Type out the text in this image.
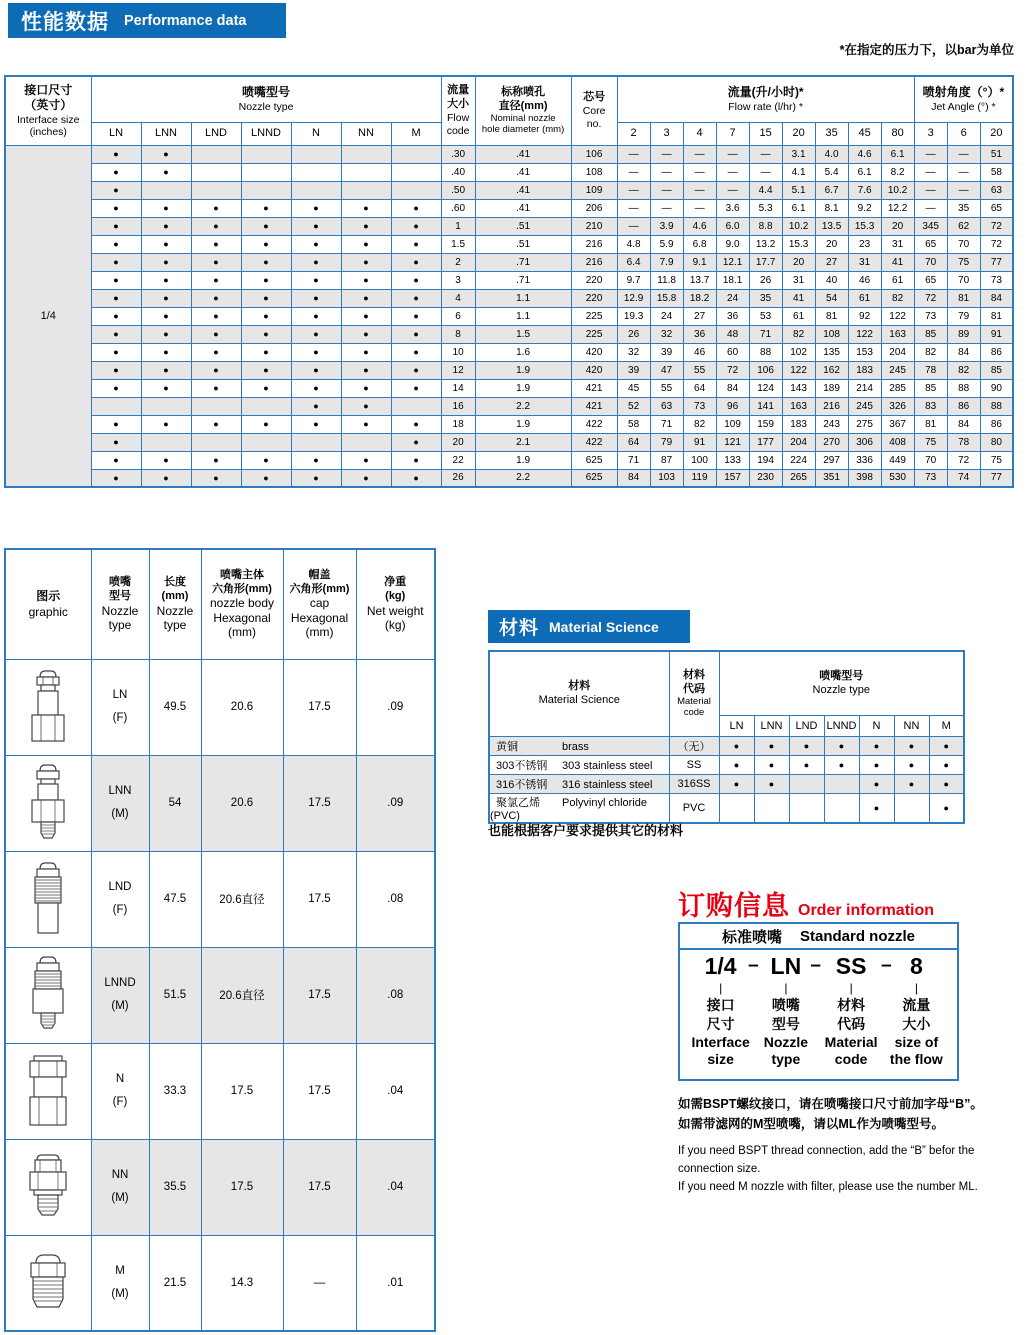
性能数据 Performance data
*在指定的压力下，以bar为单位
接口尺寸
（英寸）
Interface size
(inches)

喷嘴型号
Nozzle type

流量
大小
Flow
code

标称喷孔
直径(mm)
Nominal nozzle
hole diameter (mm)

芯号
Core
no.

流量(升/小时)*
Flow rate (l/hr) *

喷射角度（°）*
Jet Angle (°) *

	LN	LNN	LND	LNND	N	NN	M				2	3	4	7	15	20	35	45	80	3	6	20
1/4	●	●						.30	.41	106	—	—	—	—	—	3.1	4.0	4.6	6.1	—	—	51
	●	●						.40	.41	108	—	—	—	—	—	4.1	5.4	6.1	8.2	—	—	58
	●							.50	.41	109	—	—	—	—	4.4	5.1	6.7	7.6	10.2	—	—	63
	●	●	●	●	●	●	●	.60	.41	206	—	—	—	3.6	5.3	6.1	8.1	9.2	12.2	—	35	65
	●	●	●	●	●	●	●	1	.51	210	—	3.9	4.6	6.0	8.8	10.2	13.5	15.3	20	345	62	72
	●	●	●	●	●	●	●	1.5	.51	216	4.8	5.9	6.8	9.0	13.2	15.3	20	23	31	65	70	72
	●	●	●	●	●	●	●	2	.71	216	6.4	7.9	9.1	12.1	17.7	20	27	31	41	70	75	77
	●	●	●	●	●	●	●	3	.71	220	9.7	11.8	13.7	18.1	26	31	40	46	61	65	70	73
	●	●	●	●	●	●	●	4	1.1	220	12.9	15.8	18.2	24	35	41	54	61	82	72	81	84
	●	●	●	●	●	●	●	6	1.1	225	19.3	24	27	36	53	61	81	92	122	73	79	81
	●	●	●	●	●	●	●	8	1.5	225	26	32	36	48	71	82	108	122	163	85	89	91
	●	●	●	●	●	●	●	10	1.6	420	32	39	46	60	88	102	135	153	204	82	84	86
	●	●	●	●	●	●	●	12	1.9	420	39	47	55	72	106	122	162	183	245	78	82	85
	●	●	●	●	●	●	●	14	1.9	421	45	55	64	84	124	143	189	214	285	85	88	90
					●	●		16	2.2	421	52	63	73	96	141	163	216	245	326	83	86	88
	●	●	●	●	●	●	●	18	1.9	422	58	71	82	109	159	183	243	275	367	81	84	86
	●						●	20	2.1	422	64	79	91	121	177	204	270	306	408	75	78	80
	●	●	●	●	●	●	●	22	1.9	625	71	87	100	133	194	224	297	336	449	70	72	75
	●	●	●	●	●	●	●	26	2.2	625	84	103	119	157	230	265	351	398	530	73	74	77
图示
graphic

喷嘴
型号
Nozzle
type

长度
(mm)
Nozzle
type

喷嘴主体
六角形(mm)
nozzle body
Hexagonal
(mm)

帽盖
六角形(mm)
cap
Hexagonal
(mm)

净重
(kg)
Net weight
(kg)

LN
(F)	49.5	20.6	17.5	.09

LNN
(M)	54	20.6	17.5	.09

LND
(F)	47.5	20.6直径	17.5	.08

LNND
(M)	51.5	20.6直径	17.5	.08

N
(F)	33.3	17.5	17.5	.04

NN
(M)	35.5	17.5	17.5	.04

M
(M)	21.5	14.3	—	.01
材料 Material Science
材料
Material Science

材料
代码
Material
code

喷嘴型号
Nozzle type

		LN	LNN	LND	LNND	N	NN	M
黄铜 brass	（无）	●	●	●	●	●	●	●
303不锈钢 303 stainless steel	SS	●	●	●	●	●	●	●
316不锈钢 316 stainless steel	316SS	●	●			●	●	●
聚氯乙烯 Polyvinyl chloride (PVC)	PVC					●		●
也能根据客户要求提供其它的材料
订购信息 Order information
标准喷嘴 Standard nozzle
–	–	–
1/4
|
接口
尺寸
Interface
size
LN
|
喷嘴
型号
Nozzle
type
SS
|
材料
代码
Material
code
8
|
流量
大小
size of
the flow
如需BSPT螺纹接口，请在喷嘴接口尺寸前加字母“B”。
如需带滤网的M型喷嘴，请以ML作为喷嘴型号。
If you need BSPT thread connection, add the “B” befor the connection size.
If you need M nozzle with filter, please use the number ML.
